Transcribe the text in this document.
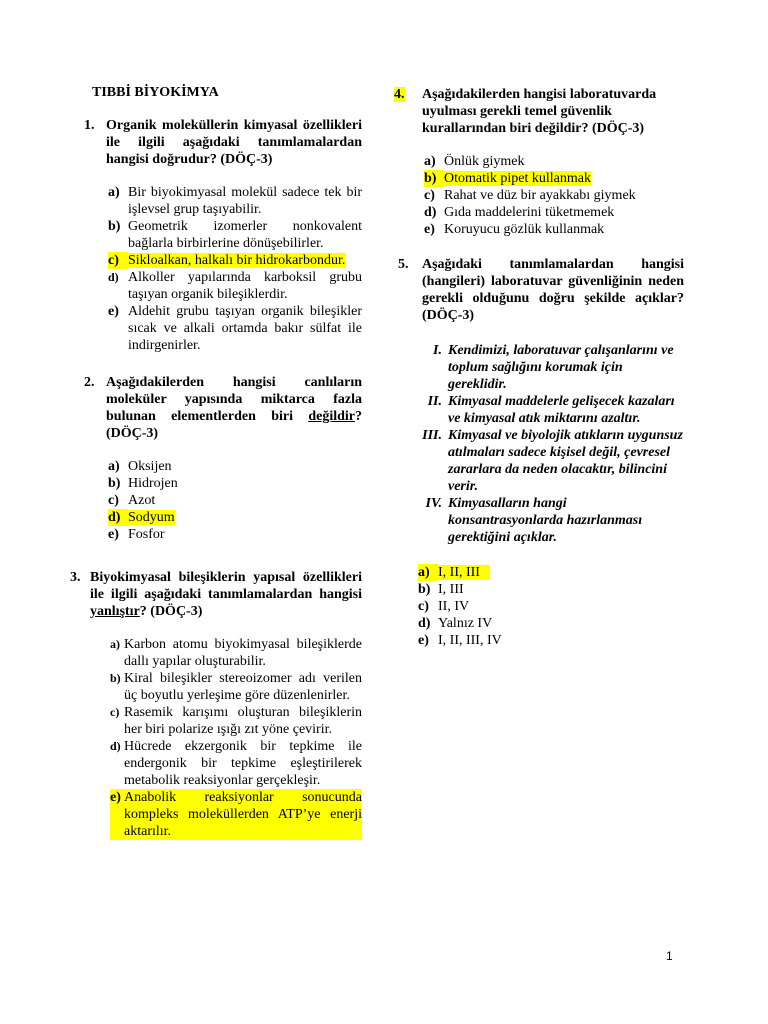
TIBBİ BİYOKİMYA
1. Organik moleküllerin kimyasal özellikleri ile ilgili aşağıdaki tanımlamalardan hangisi doğrudur? (DÖÇ-3)
a) Bir biyokimyasal molekül sadece tek bir işlevsel grup taşıyabilir.
b) Geometrik izomerler nonkovalent bağlarla birbirlerine dönüşebilirler.
c) Sikloalkan, halkalı bir hidrokarbondur.
d) Alkoller yapılarında karboksil grubu taşıyan organik bileşiklerdir.
e) Aldehit grubu taşıyan organik bileşikler sıcak ve alkali ortamda bakır sülfat ile indirgenirler.
2. Aşağıdakilerden hangisi canlıların moleküler yapısında miktarca fazla bulunan elementlerden biri değildir? (DÖÇ-3)
a) Oksijen
b) Hidrojen
c) Azot
d) Sodyum
e) Fosfor
3. Biyokimyasal bileşiklerin yapısal özellikleri ile ilgili aşağıdaki tanımlamalardan hangisi yanlıştır? (DÖÇ-3)
a) Karbon atomu biyokimyasal bileşiklerde dallı yapılar oluşturabilir.
b) Kiral bileşikler stereoizomer adı verilen üç boyutlu yerleşime göre düzenlenirler.
c) Rasemik karışımı oluşturan bileşiklerin her biri polarize ışığı zıt yöne çevirir.
d) Hücrede ekzergonik bir tepkime ile endergonik bir tepkime eşleştirilerek metabolik reaksiyonlar gerçekleşir.
e) Anabolik reaksiyonlar sonucunda kompleks moleküllerden ATP’ye enerji aktarılır.
4.	Aşağıdakilerden hangisi laboratuvarda uyulması gerekli temel güvenlik kurallarından biri değildir? (DÖÇ-3)
a) Önlük giymek
b) Otomatik pipet kullanmak
c) Rahat ve düz bir ayakkabı giymek
d) Gıda maddelerini tüketmemek
e) Koruyucu gözlük kullanmak
5. Aşağıdaki tanımlamalardan hangisi (hangileri) laboratuvar güvenliğinin neden gerekli olduğunu doğru şekilde açıklar? (DÖÇ-3)
I. Kendimizi, laboratuvar çalışanlarını ve toplum sağlığını korumak için gereklidir.
II. Kimyasal maddelerle gelişecek kazaları ve kimyasal atık miktarını azaltır.
III. Kimyasal ve biyolojik atıkların uygunsuz atılmaları sadece kişisel değil, çevresel zararlara da neden olacaktır, bilincini verir.
IV. Kimyasalların hangi konsantrasyonlarda hazırlanması gerektiğini açıklar.
a) I, II, III
b) I, III
c) II, IV
d) Yalnız IV
e) I, II, III, IV
1
